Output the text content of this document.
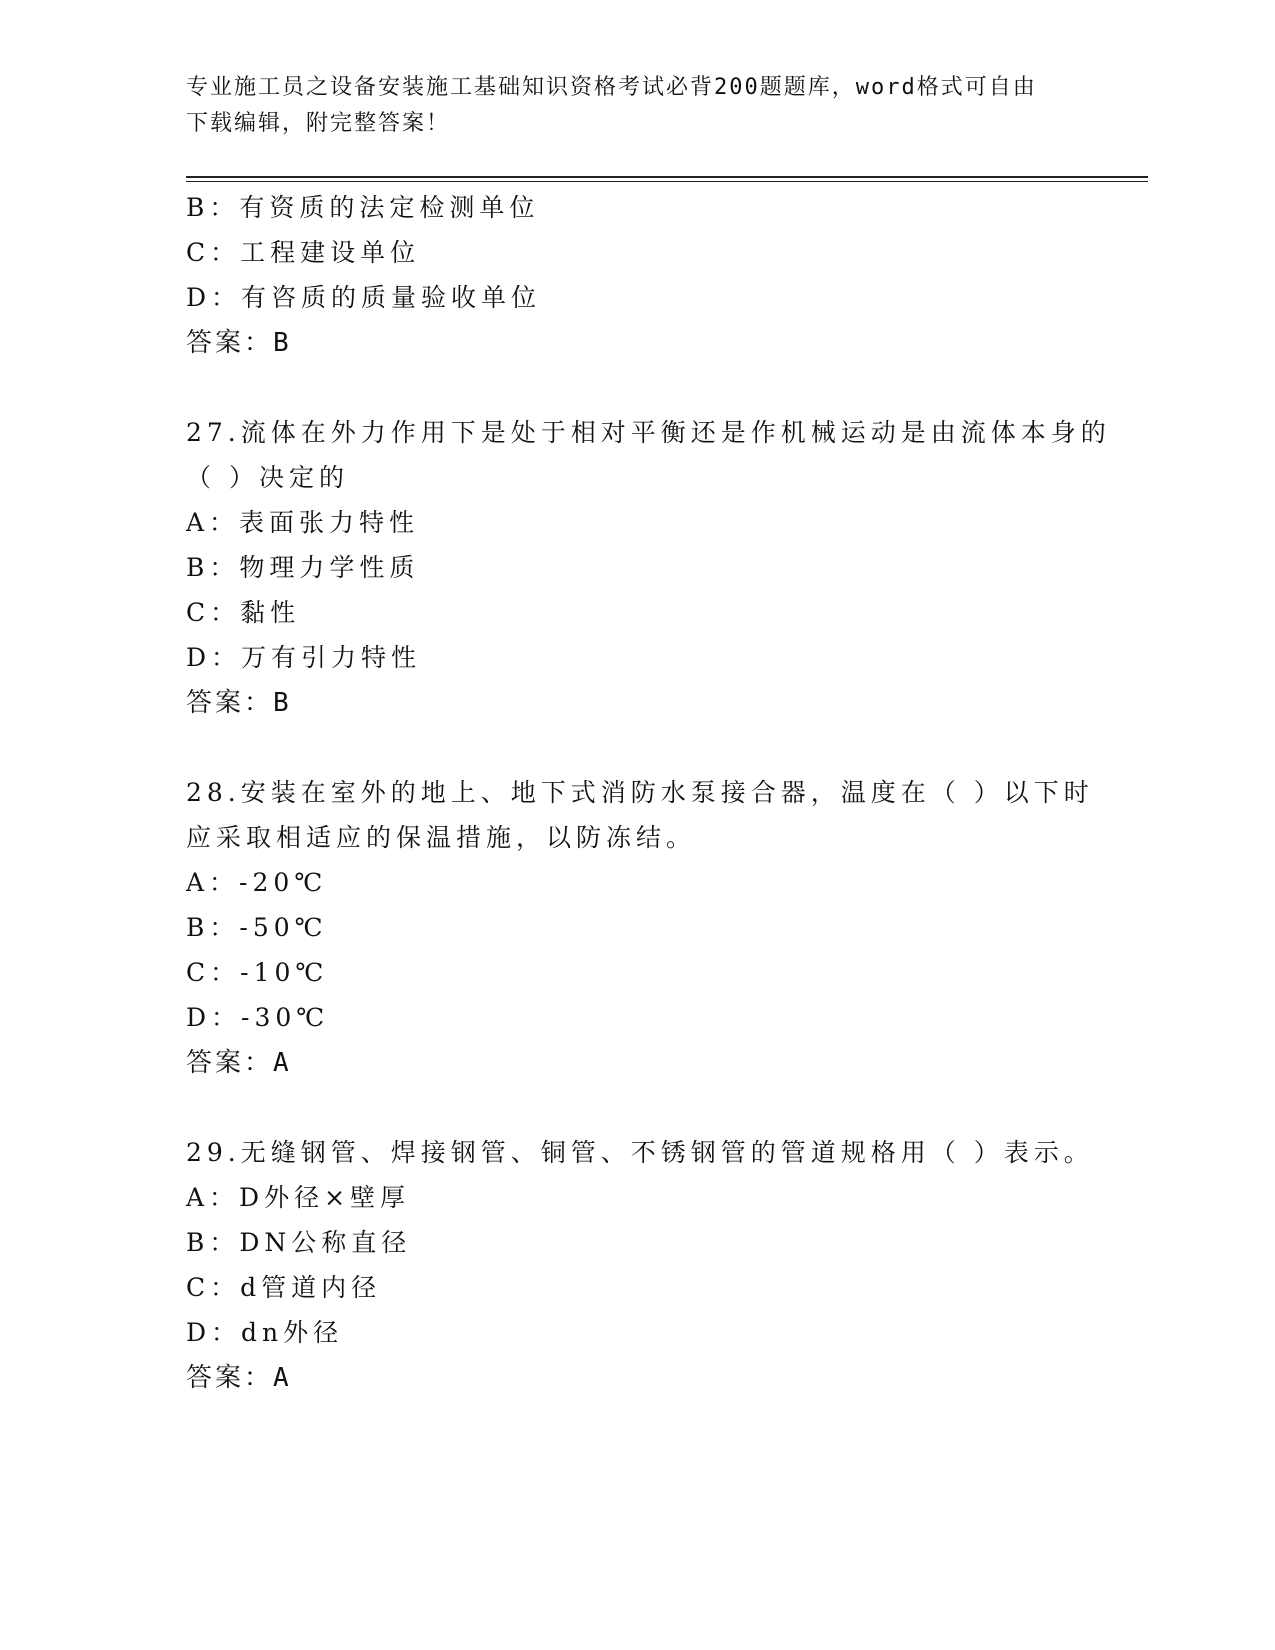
专业施工员之设备安装施工基础知识资格考试必背200题题库，word格式可自由
下载编辑，附完整答案！
B：有资质的法定检测单位
C：工程建设单位
D：有咨质的质量验收单位
答案：B
27.流体在外力作用下是处于相对平衡还是作机械运动是由流体本身的
（ ）决定的
A：表面张力特性
B：物理力学性质
C：黏性
D：万有引力特性
答案：B
28.安装在室外的地上、地下式消防水泵接合器，温度在（ ）以下时
应采取相适应的保温措施，以防冻结。
A：-20℃
B：-50℃
C：-10℃
D：-30℃
答案：A
29.无缝钢管、焊接钢管、铜管、不锈钢管的管道规格用（ ）表示。
A：D外径×壁厚
B：DN公称直径
C：d管道内径
D：dn外径
答案：A
